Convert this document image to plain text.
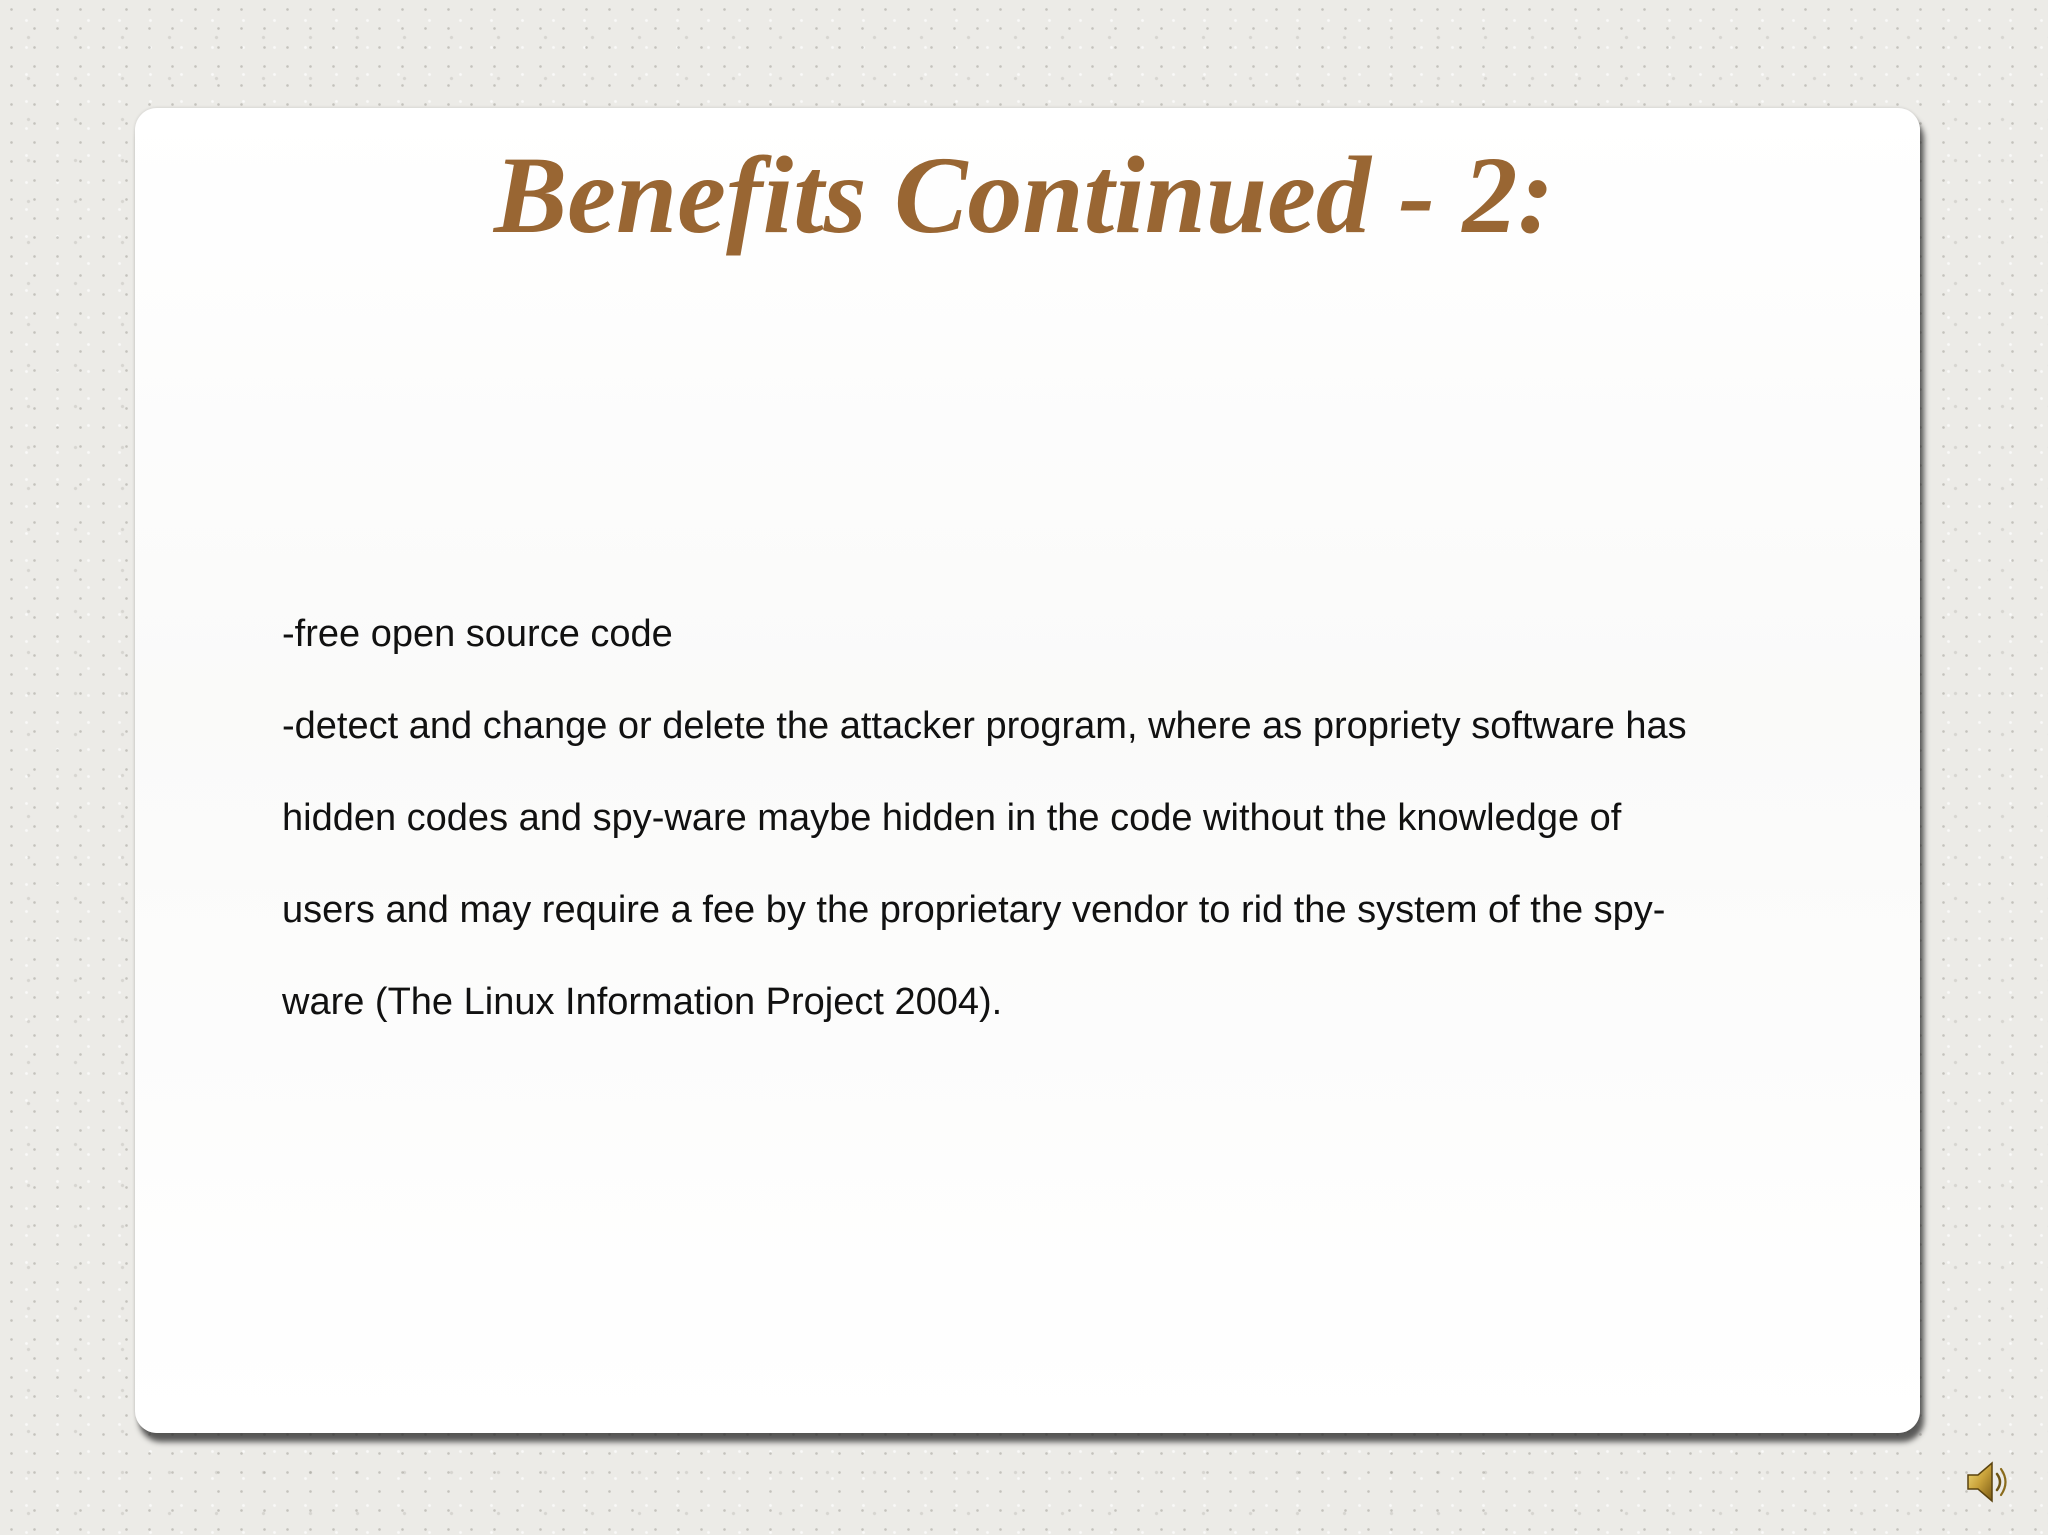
Benefits Continued - 2:
-free open source code
-detect and change or delete the attacker program, where as propriety software has
hidden codes and spy-ware maybe hidden in the code without the knowledge of
users and may require a fee by the proprietary vendor to rid the system of the spy-
ware (The Linux Information Project 2004).
